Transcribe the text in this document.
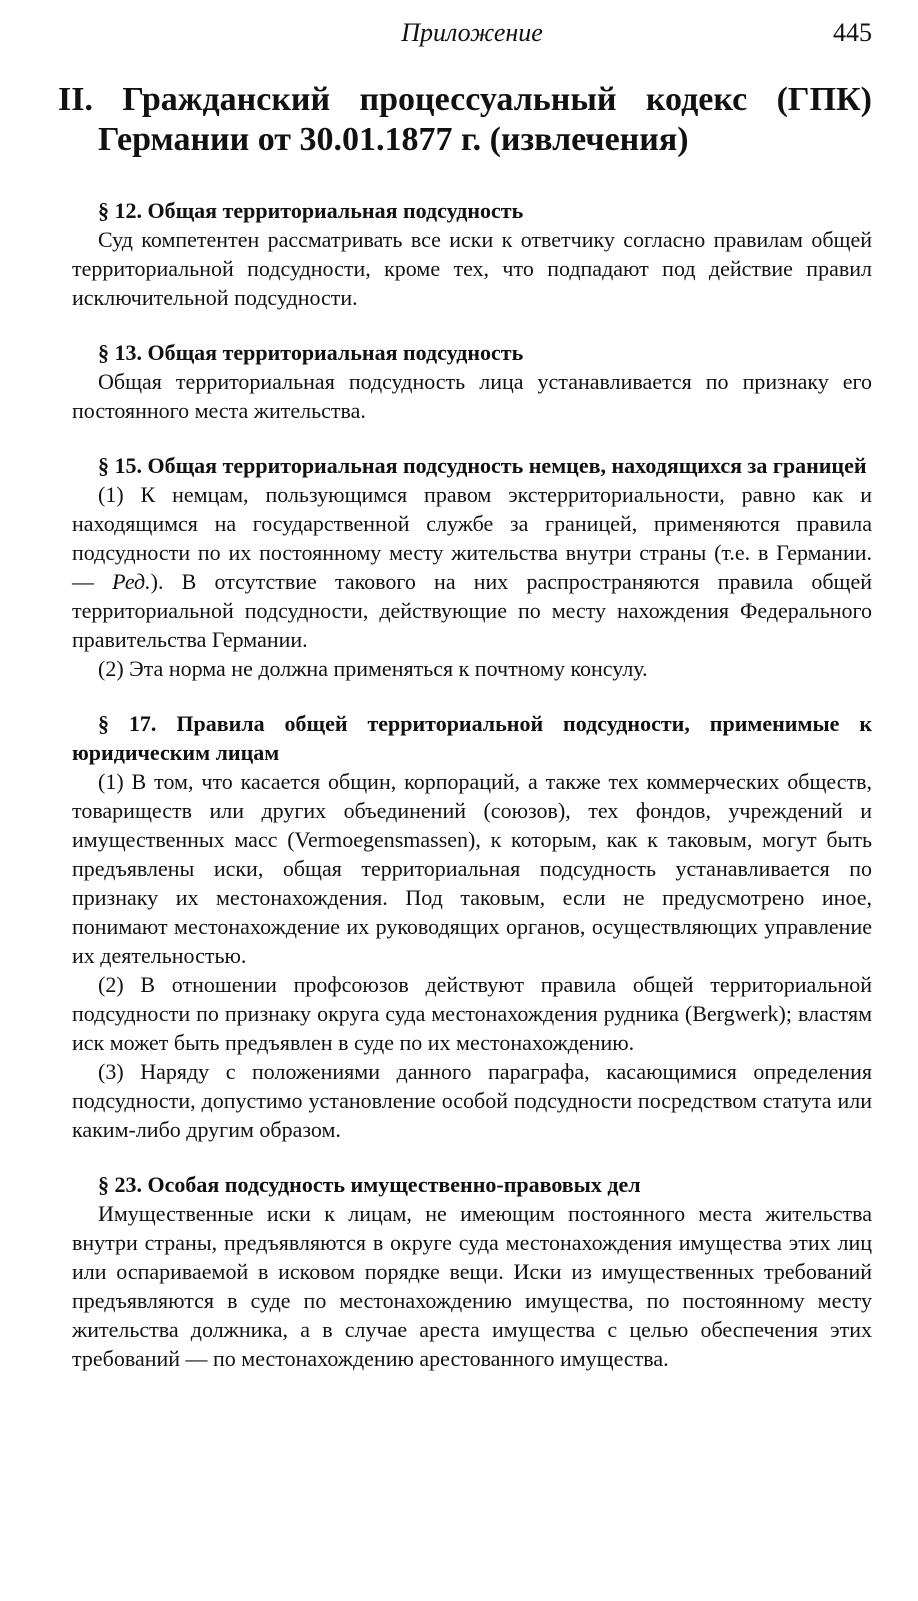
Приложение	445
II. Гражданский процессуальный кодекс (ГПК) Германии от 30.01.1877 г. (извлечения)
§ 12. Общая территориальная подсудность

Суд компетентен рассматривать все иски к ответчику согласно правилам общей территориальной подсудности, кроме тех, что подпадают под действие правил исключительной подсудности.

§ 13. Общая территориальная подсудность

Общая территориальная подсудность лица устанавливается по признаку его постоянного места жительства.

§ 15. Общая территориальная подсудность немцев, находящихся за границей

(1) К немцам, пользующимся правом экстерриториальности, равно как и находящимся на государственной службе за границей, применяются правила подсудности по их постоянному месту жительства внутри страны (т.е. в Германии. — Ред.). В отсутствие такового на них распространяются правила общей территориальной подсудности, действующие по месту нахождения Федерального правительства Германии.

(2) Эта норма не должна применяться к почтному консулу.

§ 17. Правила общей территориальной подсудности, применимые к юридическим лицам

(1) В том, что касается общин, корпораций, а также тех коммерческих обществ, товариществ или других объединений (союзов), тех фондов, учреждений и имущественных масс (Vermoegensmassen), к которым, как к таковым, могут быть предъявлены иски, общая территориальная подсудность устанавливается по признаку их местонахождения. Под таковым, если не предусмотрено иное, понимают местонахождение их руководящих органов, осуществляющих управление их деятельностью.

(2) В отношении профсоюзов действуют правила общей территориальной подсудности по признаку округа суда местонахождения рудника (Bergwerk); властям иск может быть предъявлен в суде по их местонахождению.

(3) Наряду с положениями данного параграфа, касающимися определения подсудности, допустимо установление особой подсудности посредством статута или каким-либо другим образом.

§ 23. Особая подсудность имущественно-правовых дел

Имущественные иски к лицам, не имеющим постоянного места жительства внутри страны, предъявляются в округе суда местонахождения имущества этих лиц или оспариваемой в исковом порядке вещи. Иски из имущественных требований предъявляются в суде по местонахождению имущества, по постоянному месту жительства должника, а в случае ареста имущества с целью обеспечения этих требований — по местонахождению арестованного имущества.
